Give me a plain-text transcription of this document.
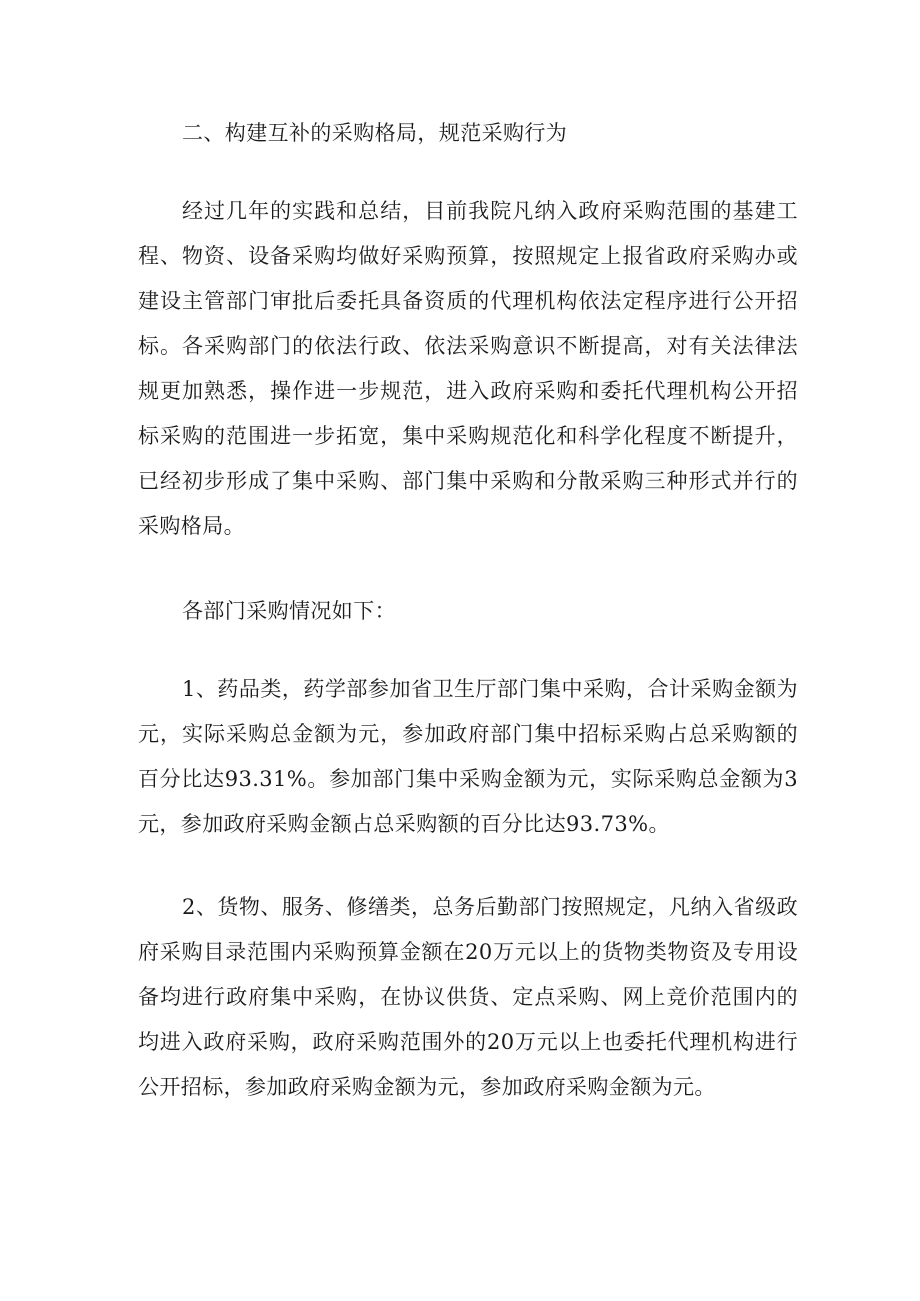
二、构建互补的采购格局，规范采购行为

经过几年的实践和总结，目前我院凡纳入政府采购范围的基建工程、物资、设备采购均做好采购预算，按照规定上报省政府采购办或建设主管部门审批后委托具备资质的代理机构依法定程序进行公开招标。各采购部门的依法行政、依法采购意识不断提高，对有关法律法规更加熟悉，操作进一步规范，进入政府采购和委托代理机构公开招标采购的范围进一步拓宽，集中采购规范化和科学化程度不断提升，已经初步形成了集中采购、部门集中采购和分散采购三种形式并行的采购格局。

各部门采购情况如下：

1、药品类，药学部参加省卫生厅部门集中采购，合计采购金额为元，实际采购总金额为元，参加政府部门集中招标采购占总采购额的百分比达93.31%。参加部门集中采购金额为元，实际采购总金额为3元，参加政府采购金额占总采购额的百分比达93.73%。

2、货物、服务、修缮类，总务后勤部门按照规定，凡纳入省级政府采购目录范围内采购预算金额在20万元以上的货物类物资及专用设备均进行政府集中采购，在协议供货、定点采购、网上竞价范围内的均进入政府采购，政府采购范围外的20万元以上也委托代理机构进行公开招标，参加政府采购金额为元，参加政府采购金额为元。
